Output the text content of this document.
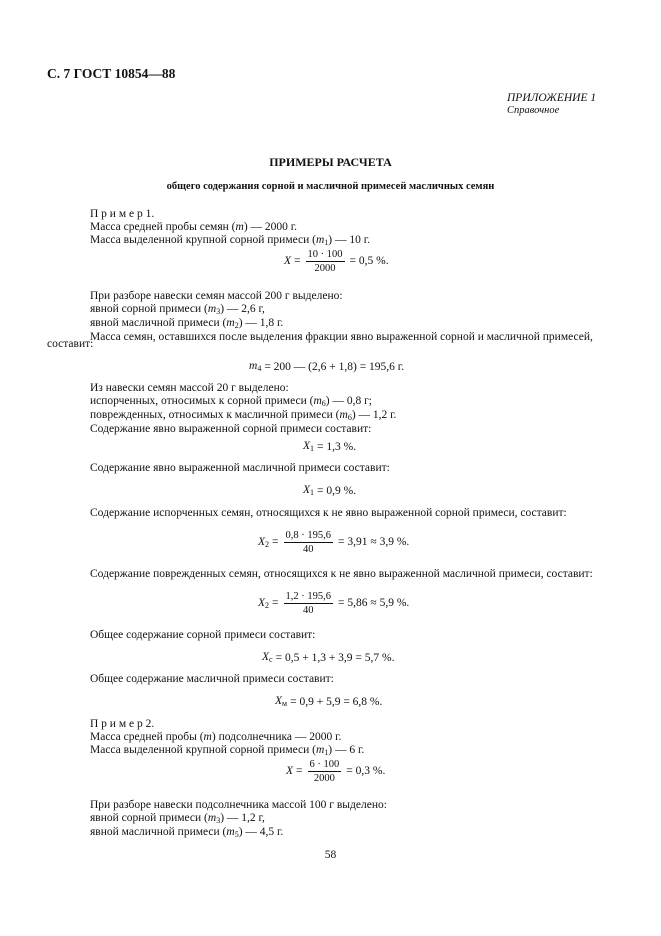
С. 7 ГОСТ 10854—88
ПРИЛОЖЕНИЕ 1
Справочное
ПРИМЕРЫ РАСЧЕТА
общего содержания сорной и масличной примесей масличных семян
П р и м е р 1.
Масса средней пробы семян (m) — 2000 г.
Масса выделенной крупной сорной примеси $(m_1)$ — 10 г.
$X = \frac{10 \cdot 100}{2000} = 0,5$ %.
При разборе навески семян массой 200 г выделено:
явной сорной примеси $(m_3)$ — 2,6 г,
явной масличной примеси $(m_2)$ — 1,8 г.
Масса семян, оставшихся после выделения фракции явно выраженной сорной и масличной примесей,
составит:
$m_4 = 200$ — (2,6 + 1,8) = 195,6 г.
Из навески семян массой 20 г выделено:
испорченных, относимых к сорной примеси $(m_6)$ — 0,8 г;
поврежденных, относимых к масличной примеси $(m_6)$ — 1,2 г.
Содержание явно выраженной сорной примеси составит:
$X_1 = 1,3$ %.
Содержание явно выраженной масличной примеси составит:
$X_1 = 0,9$ %.
Содержание испорченных семян, относящихся к не явно выраженной сорной примеси, составит:
$X_2 = \frac{0,8 \cdot 195,6}{40} = 3,91 \approx 3,9$ %.
Содержание поврежденных семян, относящихся к не явно выраженной масличной примеси, составит:
$X_2 = \frac{1,2 \cdot 195,6}{40} = 5,86 \approx 5,9$ %.
Общее содержание сорной примеси составит:
$X_с = 0,5 + 1,3 + 3,9 = 5,7$ %.
Общее содержание масличной примеси составит:
$X_м = 0,9 + 5,9 = 6,8$ %.
П р и м е р 2.
Масса средней пробы (m) подсолнечника — 2000 г.
Масса выделенной крупной сорной примеси $(m_1)$ — 6 г.
$X = \frac{6 \cdot 100}{2000} = 0,3$ %.
При разборе навески подсолнечника массой 100 г выделено:
явной сорной примеси $(m_3)$ — 1,2 г,
явной масличной примеси $(m_5)$ — 4,5 г.
58
